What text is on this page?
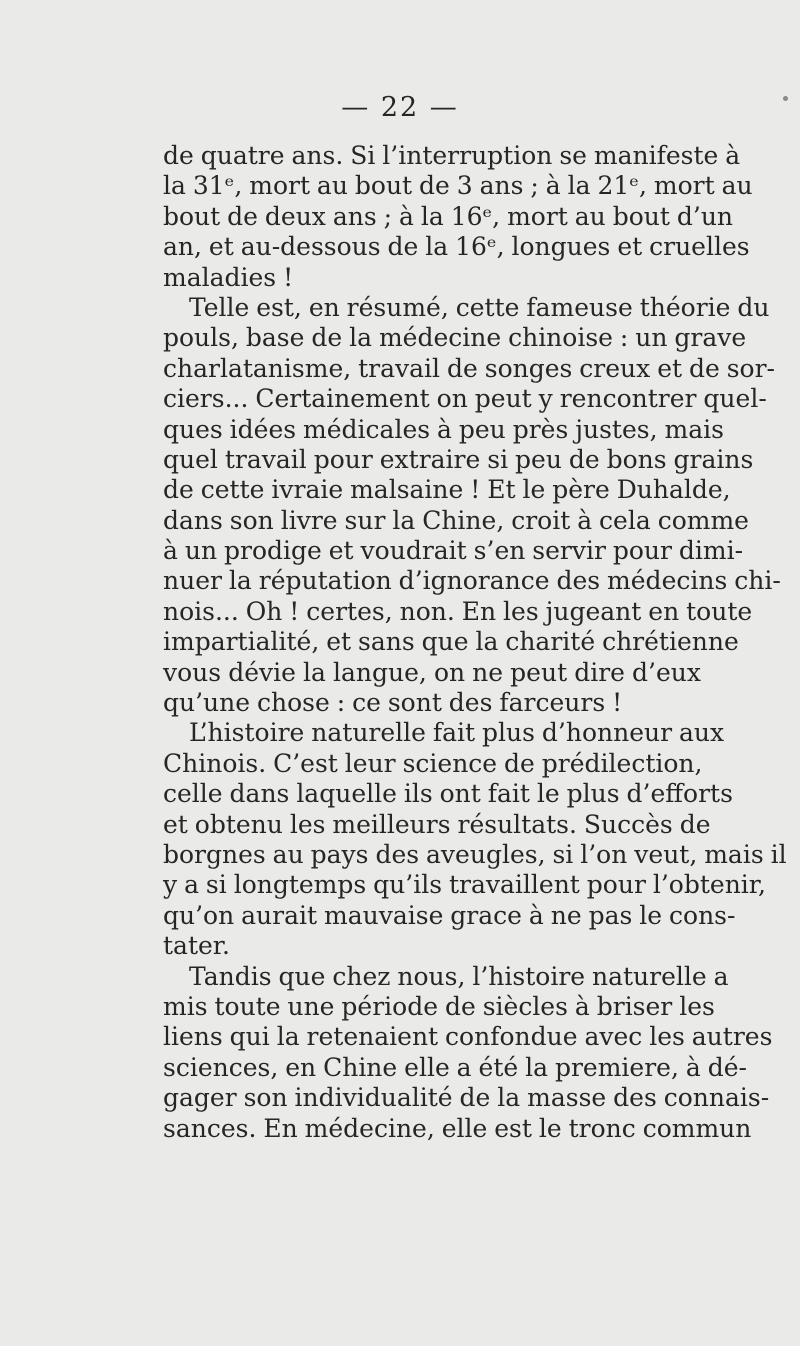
— 22 —
de quatre ans. Si l’interruption se manifeste à
la 31ᵉ, mort au bout de 3 ans ; à la 21ᵉ, mort au
bout de deux ans ; à la 16ᵉ, mort au bout d’un
an, et au-dessous de la 16ᵉ, longues et cruelles
maladies !
Telle est, en résumé, cette fameuse théorie du
pouls, base de la médecine chinoise : un grave
charlatanisme, travail de songes creux et de sor-
ciers... Certainement on peut y rencontrer quel-
ques idées médicales à peu près justes, mais
quel travail pour extraire si peu de bons grains
de cette ivraie malsaine ! Et le père Duhalde,
dans son livre sur la Chine, croit à cela comme
à un prodige et voudrait s’en servir pour dimi-
nuer la réputation d’ignorance des médecins chi-
nois... Oh ! certes, non. En les jugeant en toute
impartialité, et sans que la charité chrétienne
vous dévie la langue, on ne peut dire d’eux
qu’une chose : ce sont des farceurs !
L’histoire naturelle fait plus d’honneur aux
Chinois. C’est leur science de prédilection,
celle dans laquelle ils ont fait le plus d’efforts
et obtenu les meilleurs résultats. Succès de
borgnes au pays des aveugles, si l’on veut, mais il
y a si longtemps qu’ils travaillent pour l’obtenir,
qu’on aurait mauvaise grace à ne pas le cons-
tater.
Tandis que chez nous, l’histoire naturelle a
mis toute une période de siècles à briser les
liens qui la retenaient confondue avec les autres
sciences, en Chine elle a été la premiere, à dé-
gager son individualité de la masse des connais-
sances. En médecine, elle est le tronc commun
